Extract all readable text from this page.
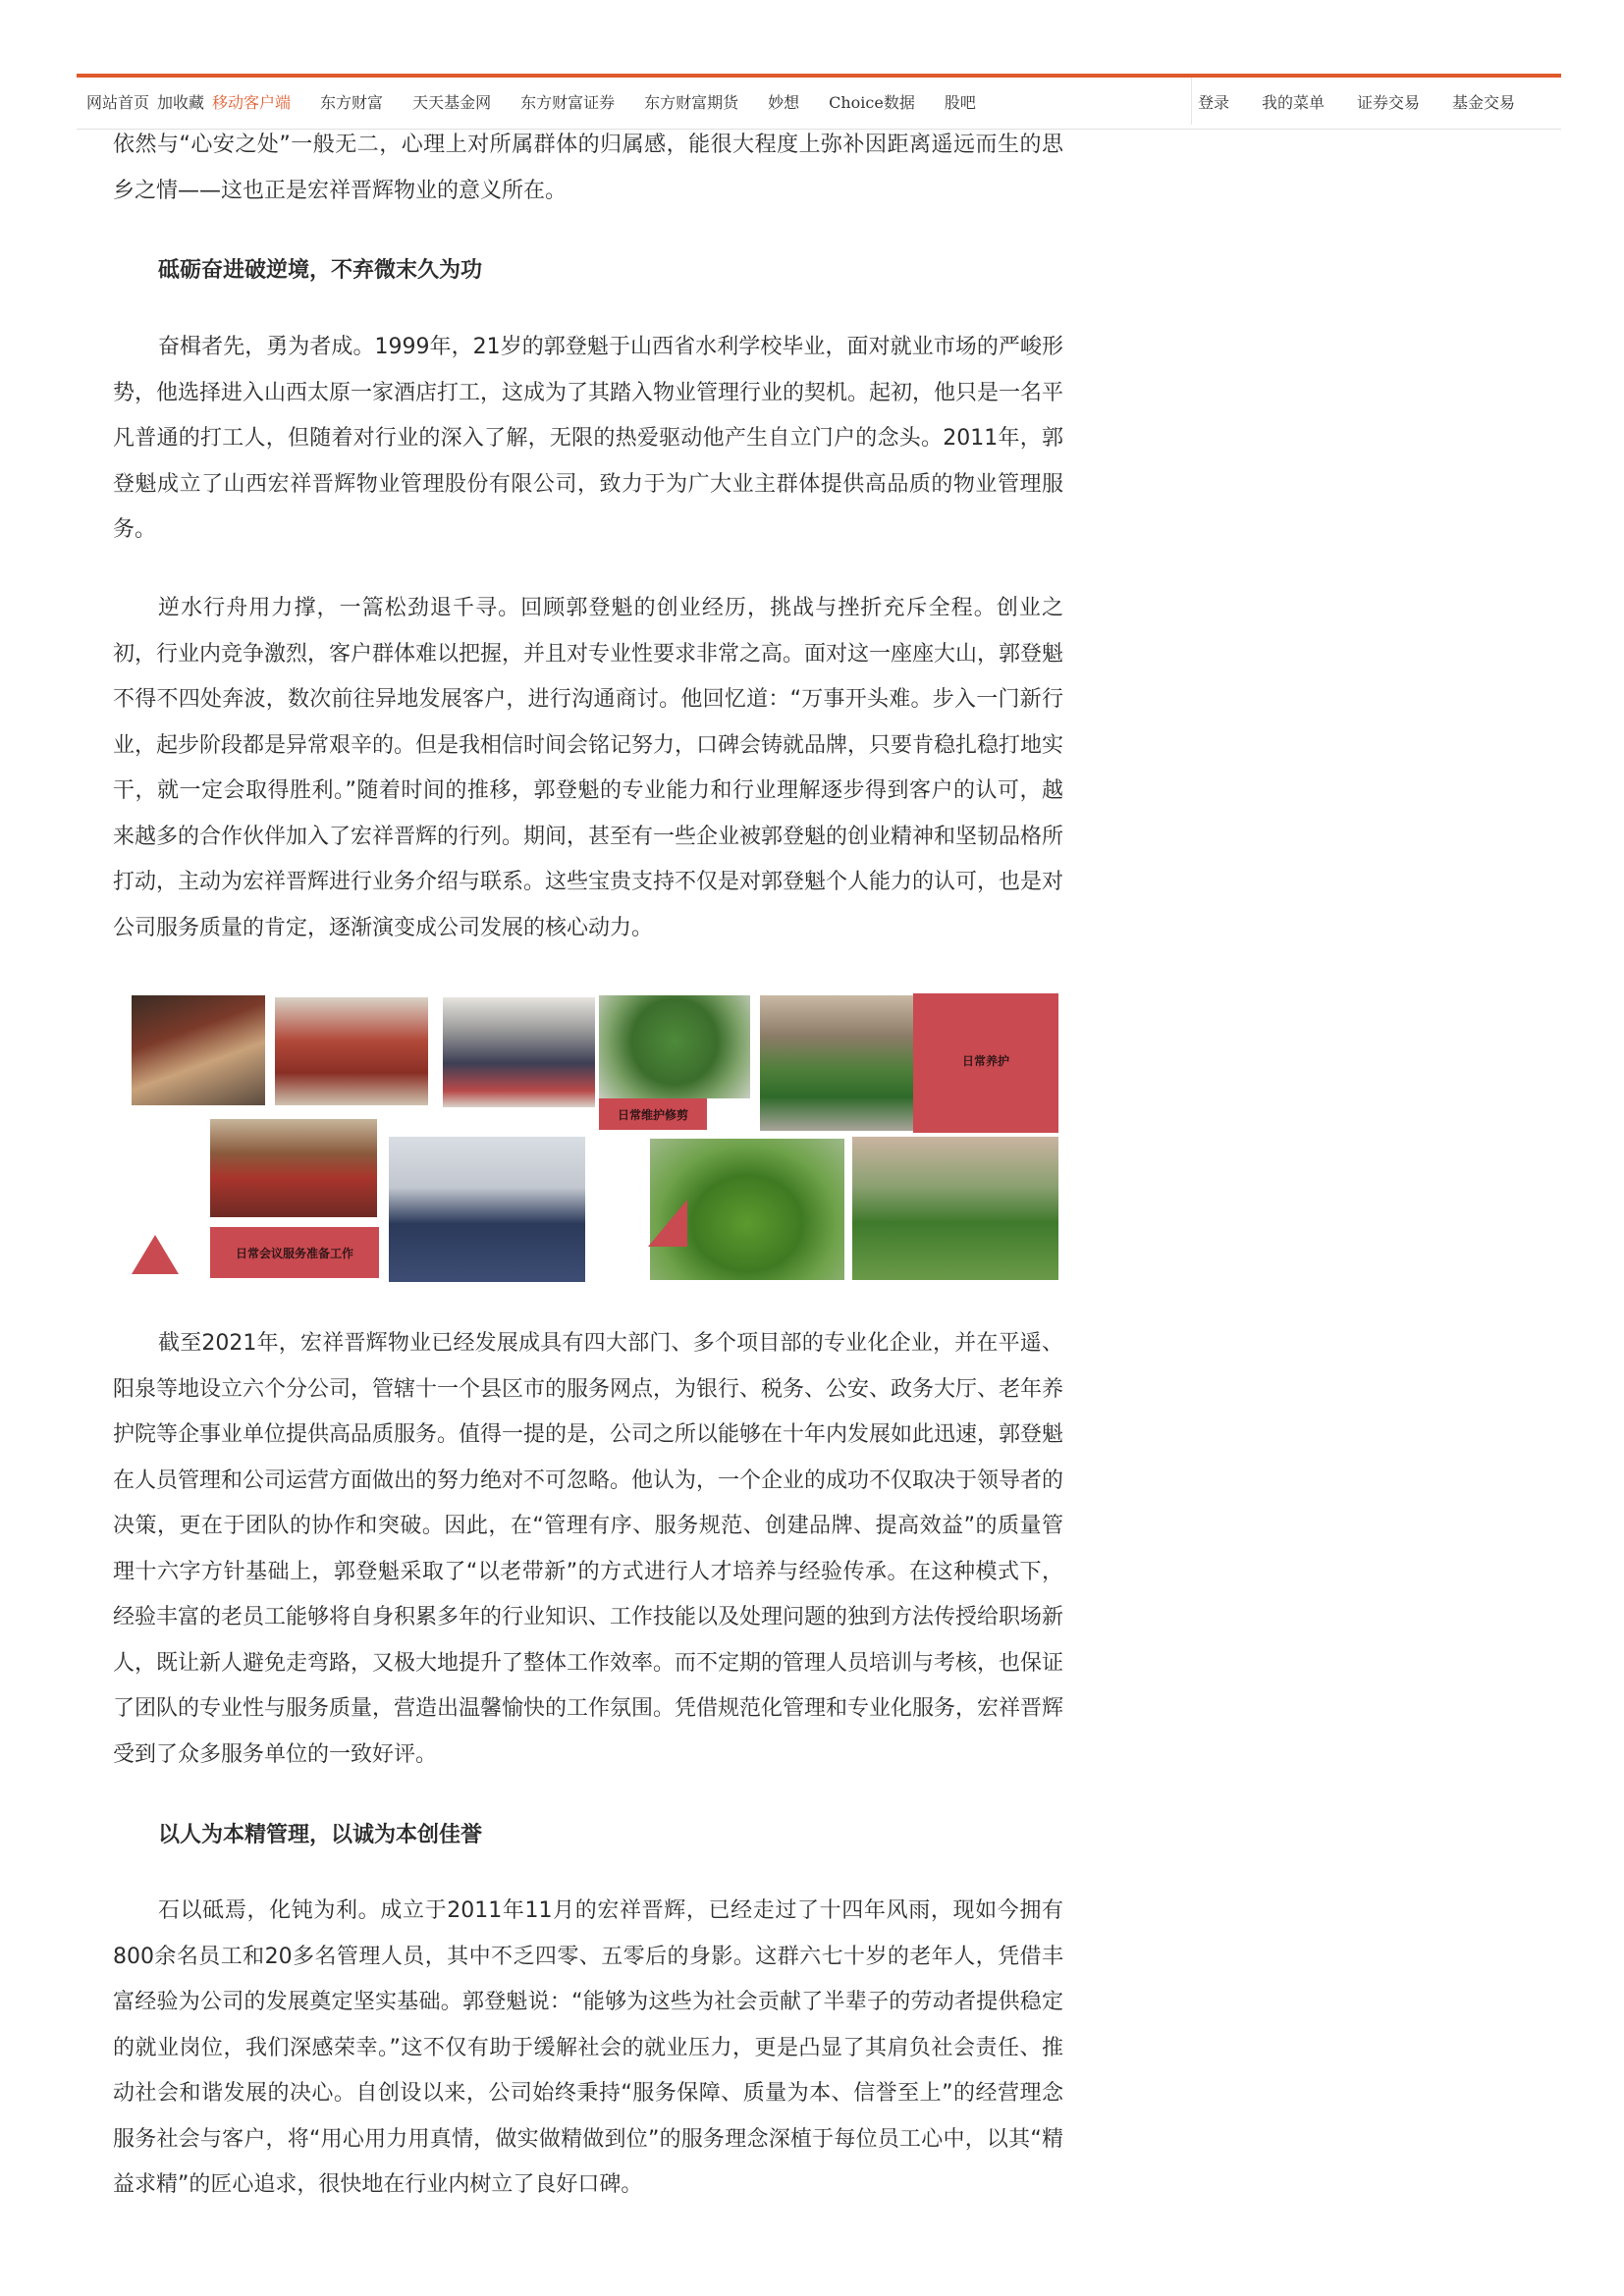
网站首页 加收藏 移动客户端 东方财富 天天基金网 东方财富证券 东方财富期货 妙想 Choice数据 股吧	登录 我的菜单 证券交易 基金交易

依然与“心安之处”一般无二，心理上对所属群体的归属感，能很大程度上弥补因距离遥远而生的思乡之情——这也正是宏祥晋辉物业的意义所在。

砥砺奋进破逆境，不弃微末久为功

奋楫者先，勇为者成。1999年，21岁的郭登魁于山西省水利学校毕业，面对就业市场的严峻形势，他选择进入山西太原一家酒店打工，这成为了其踏入物业管理行业的契机。起初，他只是一名平凡普通的打工人，但随着对行业的深入了解，无限的热爱驱动他产生自立门户的念头。2011年，郭登魁成立了山西宏祥晋辉物业管理股份有限公司，致力于为广大业主群体提供高品质的物业管理服务。

逆水行舟用力撑，一篙松劲退千寻。回顾郭登魁的创业经历，挑战与挫折充斥全程。创业之初，行业内竞争激烈，客户群体难以把握，并且对专业性要求非常之高。面对这一座座大山，郭登魁不得不四处奔波，数次前往异地发展客户，进行沟通商讨。他回忆道：“万事开头难。步入一门新行业，起步阶段都是异常艰辛的。但是我相信时间会铭记努力，口碑会铸就品牌，只要肯稳扎稳打地实干，就一定会取得胜利。”随着时间的推移，郭登魁的专业能力和行业理解逐步得到客户的认可，越来越多的合作伙伴加入了宏祥晋辉的行列。期间，甚至有一些企业被郭登魁的创业精神和坚韧品格所打动，主动为宏祥晋辉进行业务介绍与联系。这些宝贵支持不仅是对郭登魁个人能力的认可，也是对公司服务质量的肯定，逐渐演变成公司发展的核心动力。

日常维护修剪
日常养护
日常会议服务准备工作

截至2021年，宏祥晋辉物业已经发展成具有四大部门、多个项目部的专业化企业，并在平遥、阳泉等地设立六个分公司，管辖十一个县区市的服务网点，为银行、税务、公安、政务大厅、老年养护院等企事业单位提供高品质服务。值得一提的是，公司之所以能够在十年内发展如此迅速，郭登魁在人员管理和公司运营方面做出的努力绝对不可忽略。他认为，一个企业的成功不仅取决于领导者的决策，更在于团队的协作和突破。因此，在“管理有序、服务规范、创建品牌、提高效益”的质量管理十六字方针基础上，郭登魁采取了“以老带新”的方式进行人才培养与经验传承。在这种模式下，经验丰富的老员工能够将自身积累多年的行业知识、工作技能以及处理问题的独到方法传授给职场新人，既让新人避免走弯路，又极大地提升了整体工作效率。而不定期的管理人员培训与考核，也保证了团队的专业性与服务质量，营造出温馨愉快的工作氛围。凭借规范化管理和专业化服务，宏祥晋辉受到了众多服务单位的一致好评。

以人为本精管理，以诚为本创佳誉

石以砥焉，化钝为利。成立于2011年11月的宏祥晋辉，已经走过了十四年风雨，现如今拥有800余名员工和20多名管理人员，其中不乏四零、五零后的身影。这群六七十岁的老年人，凭借丰富经验为公司的发展奠定坚实基础。郭登魁说：“能够为这些为社会贡献了半辈子的劳动者提供稳定的就业岗位，我们深感荣幸。”这不仅有助于缓解社会的就业压力，更是凸显了其肩负社会责任、推动社会和谐发展的决心。自创设以来，公司始终秉持“服务保障、质量为本、信誉至上”的经营理念服务社会与客户，将“用心用力用真情，做实做精做到位”的服务理念深植于每位员工心中，以其“精益求精”的匠心追求，很快地在行业内树立了良好口碑。
